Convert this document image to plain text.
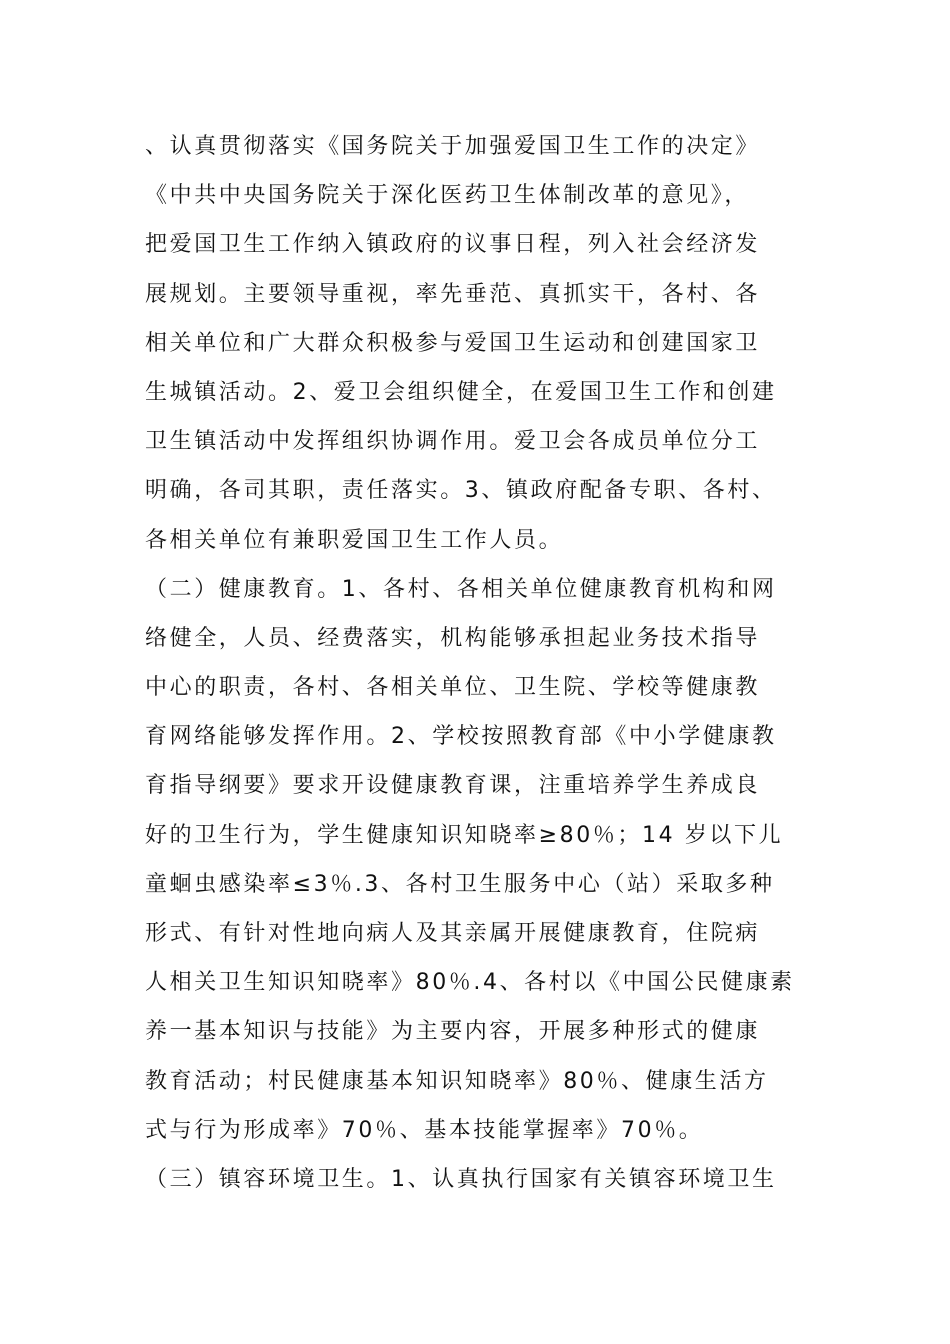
、认真贯彻落实《国务院关于加强爱国卫生工作的决定》
《中共中央国务院关于深化医药卫生体制改革的意见》，
把爱国卫生工作纳入镇政府的议事日程，列入社会经济发
展规划。主要领导重视，率先垂范、真抓实干，各村、各
相关单位和广大群众积极参与爱国卫生运动和创建国家卫
生城镇活动。2、爱卫会组织健全，在爱国卫生工作和创建
卫生镇活动中发挥组织协调作用。爱卫会各成员单位分工
明确，各司其职，责任落实。3、镇政府配备专职、各村、
各相关单位有兼职爱国卫生工作人员。
（二）健康教育。1、各村、各相关单位健康教育机构和网
络健全，人员、经费落实，机构能够承担起业务技术指导
中心的职责，各村、各相关单位、卫生院、学校等健康教
育网络能够发挥作用。2、学校按照教育部《中小学健康教
育指导纲要》要求开设健康教育课，注重培养学生养成良
好的卫生行为，学生健康知识知晓率≥80％；14 岁以下儿
童蛔虫感染率≤3％.3、各村卫生服务中心（站）采取多种
形式、有针对性地向病人及其亲属开展健康教育，住院病
人相关卫生知识知晓率》80％.4、各村以《中国公民健康素
养一基本知识与技能》为主要内容，开展多种形式的健康
教育活动；村民健康基本知识知晓率》80％、健康生活方
式与行为形成率》70％、基本技能掌握率》70％。
（三）镇容环境卫生。1、认真执行国家有关镇容环境卫生
